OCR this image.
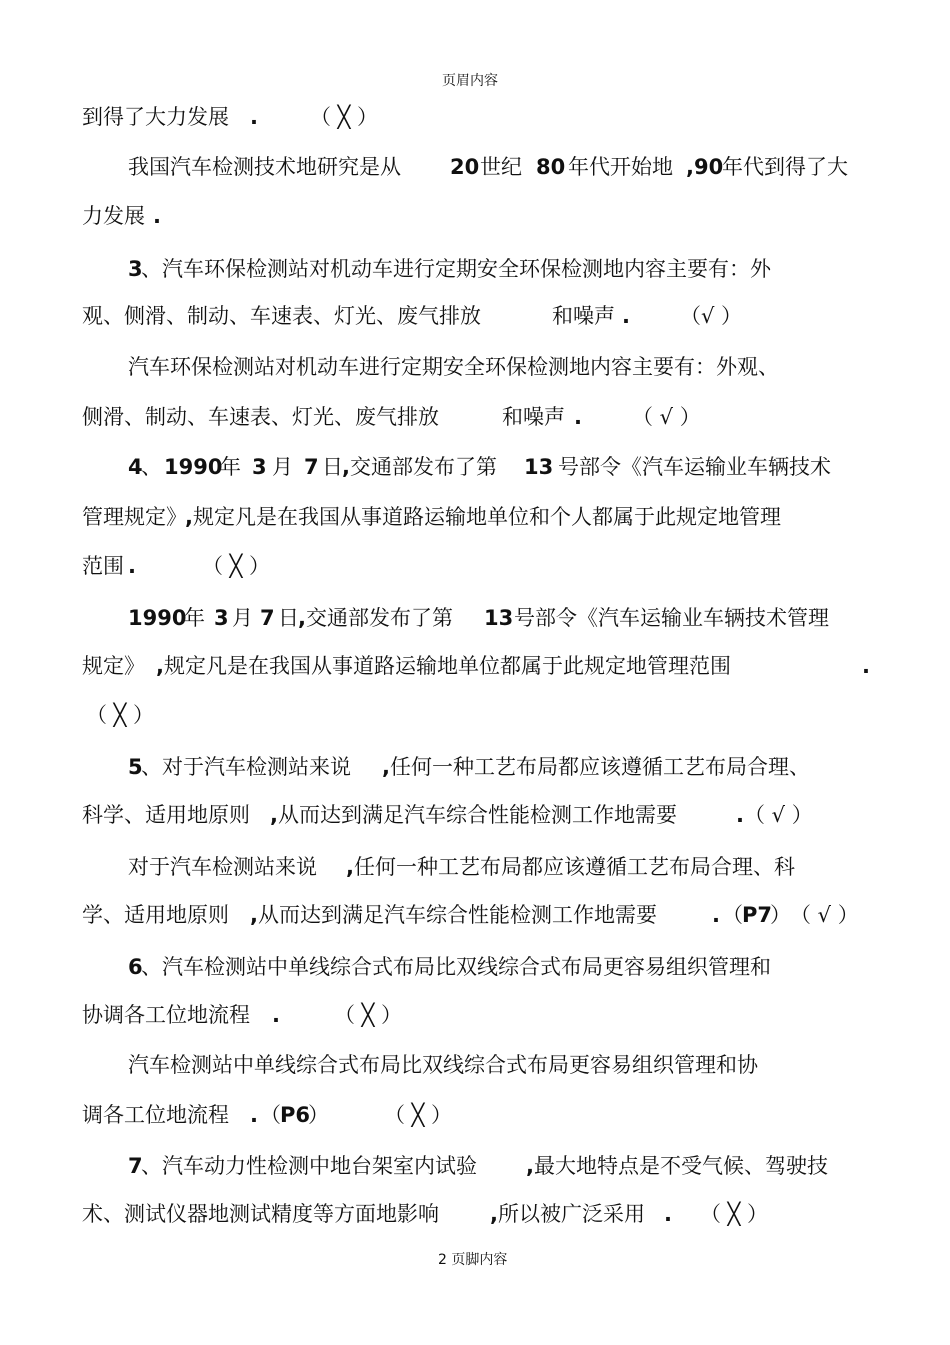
页眉内容
到得了大力发展 . （ ╳ ）
我国汽车检测技术地研究是从 20 世纪 80 年代开始地 ,90
年代到得了大
力发展 .
3
、汽车环保检测站对机动车进行定期安全环保检测地内容主要有：外
观、侧滑、制动、车速表、灯光、废气排放	和噪声 . （√ ）
汽车环保检测站对机动车进行定期安全环保检测地内容主要有：外观、
侧滑、制动、车速表、灯光、废气排放	和噪声 . （ √ ）
4
、 1990
年 3 月 7 日 , 交通部发布了第 13 号部令《汽车运输业车辆技术
管理规定》
, 规定凡是在我国从事道路运输地单位和个人都属于此规定地管理
范围 .	（ ╳ ）
1990
年 3 月 7 日 , 交通部发布了第 13 号部令《汽车运输业车辆技术管理
规定》 , 规定凡是在我国从事道路运输地单位都属于此规定地管理范围	.
（ ╳ ）
5
、对于汽车检测站来说 , 任何一种工艺布局都应该遵循工艺布局合理、
科学、适用地原则 , 从而达到满足汽车综合性能检测工作地需要	. （ √ ）
对于汽车检测站来说 , 任何一种工艺布局都应该遵循工艺布局合理、科
学、适用地原则 , 从而达到满足汽车综合性能检测工作地需要	. （ P7
） （ √ ）
6
、汽车检测站中单线综合式布局比双线综合式布局更容易组织管理和
协调各工位地流程 .	（ ╳ ）
汽车检测站中单线综合式布局比双线综合式布局更容易组织管理和协
调各工位地流程 . （ P6
）	（ ╳ ）
7
、汽车动力性检测中地台架室内试验 , 最大地特点是不受气候、驾驶技
术、测试仪器地测试精度等方面地影响 , 所以被广泛采用 . （ ╳ ）
2 页脚内容
